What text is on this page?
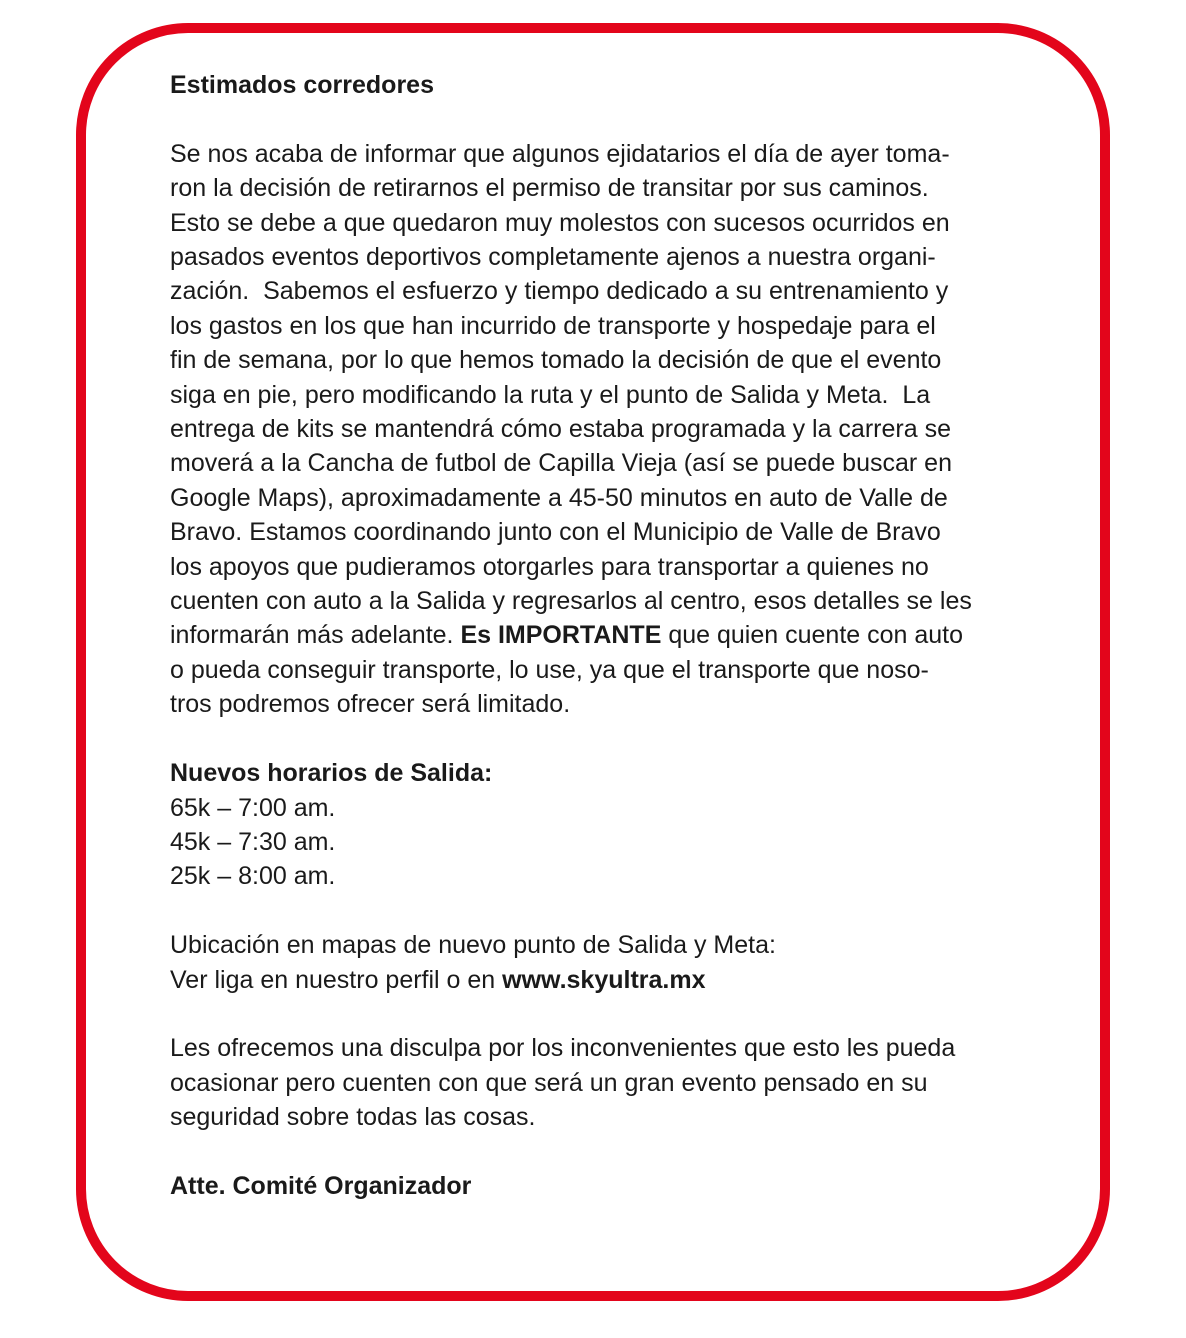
Estimados corredores

Se nos acaba de informar que algunos ejidatarios el día de ayer toma-

ron la decisión de retirarnos el permiso de transitar por sus caminos.

Esto se debe a que quedaron muy molestos con sucesos ocurridos en

pasados eventos deportivos completamente ajenos a nuestra organi-

zación.  Sabemos el esfuerzo y tiempo dedicado a su entrenamiento y

los gastos en los que han incurrido de transporte y hospedaje para el

fin de semana, por lo que hemos tomado la decisión de que el evento

siga en pie, pero modificando la ruta y el punto de Salida y Meta.  La

entrega de kits se mantendrá cómo estaba programada y la carrera se

moverá a la Cancha de futbol de Capilla Vieja (así se puede buscar en

Google Maps), aproximadamente a 45-50 minutos en auto de Valle de

Bravo. Estamos coordinando junto con el Municipio de Valle de Bravo

los apoyos que pudieramos otorgarles para transportar a quienes no

cuenten con auto a la Salida y regresarlos al centro, esos detalles se les

informarán más adelante. Es IMPORTANTE que quien cuente con auto

o pueda conseguir transporte, lo use, ya que el transporte que noso-

tros podremos ofrecer será limitado.

Nuevos horarios de Salida:

65k – 7:00 am.

45k – 7:30 am.

25k – 8:00 am.

Ubicación en mapas de nuevo punto de Salida y Meta:

Ver liga en nuestro perfil o en www.skyultra.mx

Les ofrecemos una disculpa por los inconvenientes que esto les pueda

ocasionar pero cuenten con que será un gran evento pensado en su

seguridad sobre todas las cosas.

Atte. Comité Organizador
